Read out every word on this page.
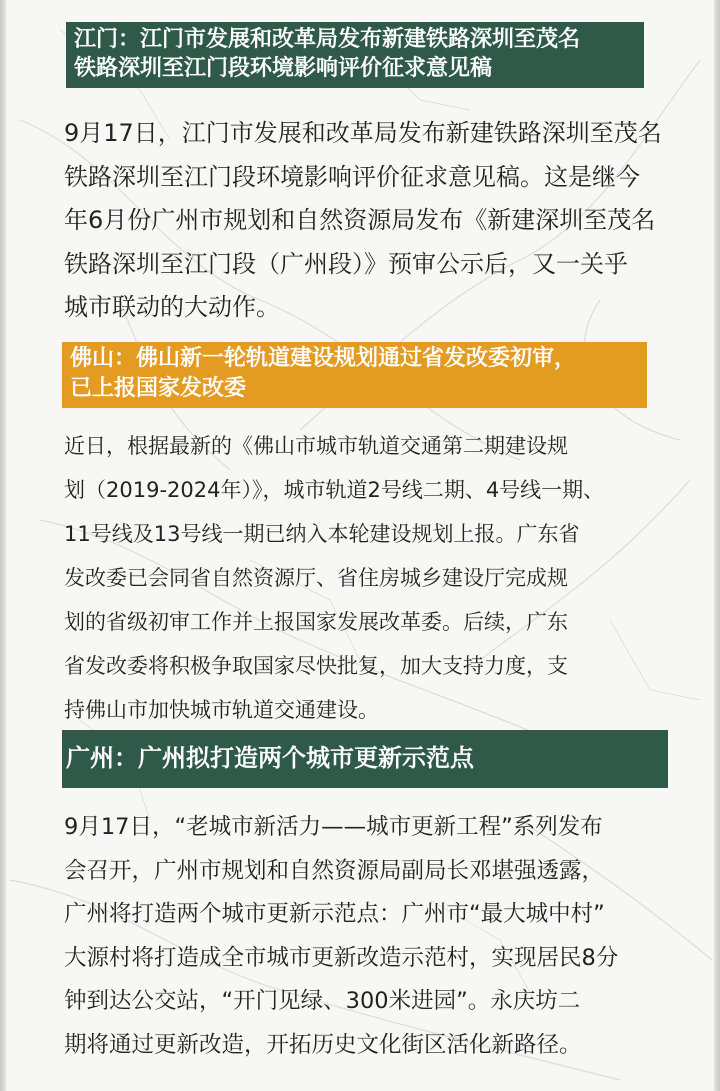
江门：江门市发展和改革局发布新建铁路深圳至茂名
铁路深圳至江门段环境影响评价征求意见稿

9月17日，江门市发展和改革局发布新建铁路深圳至茂名
铁路深圳至江门段环境影响评价征求意见稿。这是继今
年6月份广州市规划和自然资源局发布《新建深圳至茂名
铁路深圳至江门段（广州段）》预审公示后，又一关乎
城市联动的大动作。

佛山：佛山新一轮轨道建设规划通过省发改委初审，
已上报国家发改委

近日，根据最新的《佛山市城市轨道交通第二期建设规
划（2019-2024年）》，城市轨道2号线二期、4号线一期、
11号线及13号线一期已纳入本轮建设规划上报。广东省
发改委已会同省自然资源厅、省住房城乡建设厅完成规
划的省级初审工作并上报国家发展改革委。后续，广东
省发改委将积极争取国家尽快批复，加大支持力度，支
持佛山市加快城市轨道交通建设。

广州：广州拟打造两个城市更新示范点

9月17日，“老城市新活力——城市更新工程”系列发布
会召开，广州市规划和自然资源局副局长邓堪强透露，
广州将打造两个城市更新示范点：广州市“最大城中村”
大源村将打造成全市城市更新改造示范村，实现居民8分
钟到达公交站，“开门见绿、300米进园”。永庆坊二
期将通过更新改造，开拓历史文化街区活化新路径。
